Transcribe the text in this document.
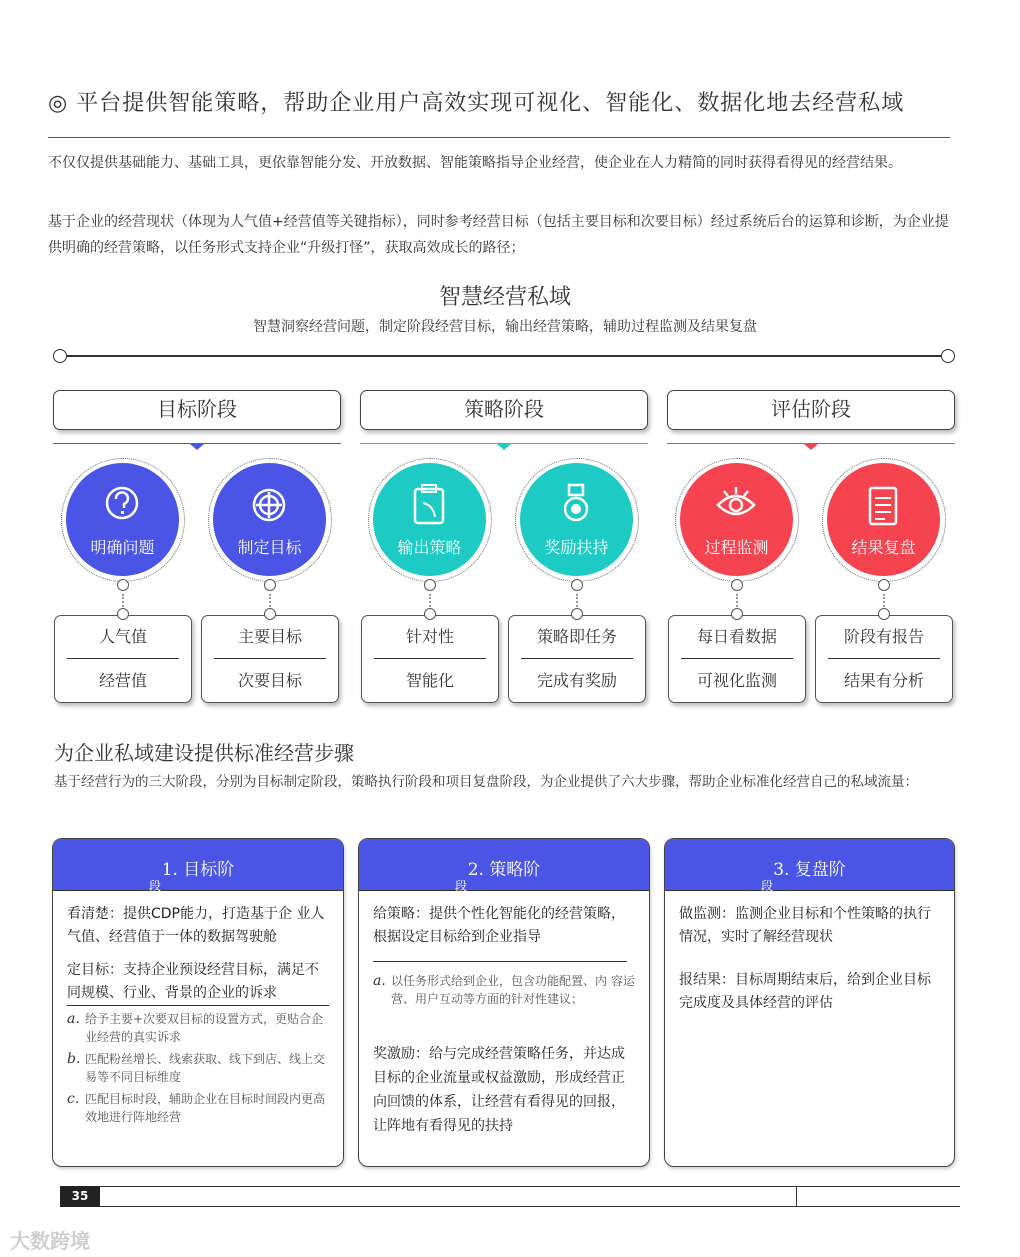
◎ 平台提供智能策略，帮助企业用户高效实现可视化、智能化、数据化地去经营私域
不仅仅提供基础能力、基础工具，更依靠智能分发、开放数据、智能策略指导企业经营，使企业在人力精简的同时获得看得见的经营结果。
基于企业的经营现状（体现为人气值+经营值等关键指标），同时参考经营目标（包括主要目标和次要目标）经过系统后台的运算和诊断，为企业提供明确的经营策略，以任务形式支持企业“升级打怪”，获取高效成长的路径；
智慧经营私域
智慧洞察经营问题，制定阶段经营目标，输出经营策略，辅助过程监测及结果复盘
目标阶段	策略阶段	评估阶段
明确问题
人气值
经营值
制定目标
主要目标
次要目标
输出策略
针对性
智能化
奖励扶持
策略即任务
完成有奖励
过程监测
每日看数据
可视化监测
结果复盘
阶段有报告
结果有分析
为企业私域建设提供标准经营步骤
基于经营行为的三大阶段，分别为目标制定阶段，策略执行阶段和项目复盘阶段，为企业提供了六大步骤，帮助企业标准化经营自己的私域流量：
1. 目标阶
段
看清楚：提供CDP能力，打造基于企 业人气值、经营值于一体的数据驾驶舱
定目标：支持企业预设经营目标，满足不同规模、行业、背景的企业的诉求
a. 给予主要+次要双目标的设置方式，更贴合企业经营的真实诉求
b. 匹配粉丝增长、线索获取、线下到店、线上交易等不同目标维度
c. 匹配目标时段，辅助企业在目标时间段内更高效地进行阵地经营
2. 策略阶
段
给策略：提供个性化智能化的经营策略，根据设定目标给到企业指导
a. 以任务形式给到企业，包含功能配置、内 容运营、用户互动等方面的针对性建议；
奖激励：给与完成经营策略任务，并达成目标的企业流量或权益激励，形成经营正向回馈的体系，让经营有看得见的回报，让阵地有看得见的扶持
3. 复盘阶
段
做监测：监测企业目标和个性策略的执行情况，实时了解经营现状
报结果：目标周期结束后，给到企业目标完成度及具体经营的评估
35
大数跨境
